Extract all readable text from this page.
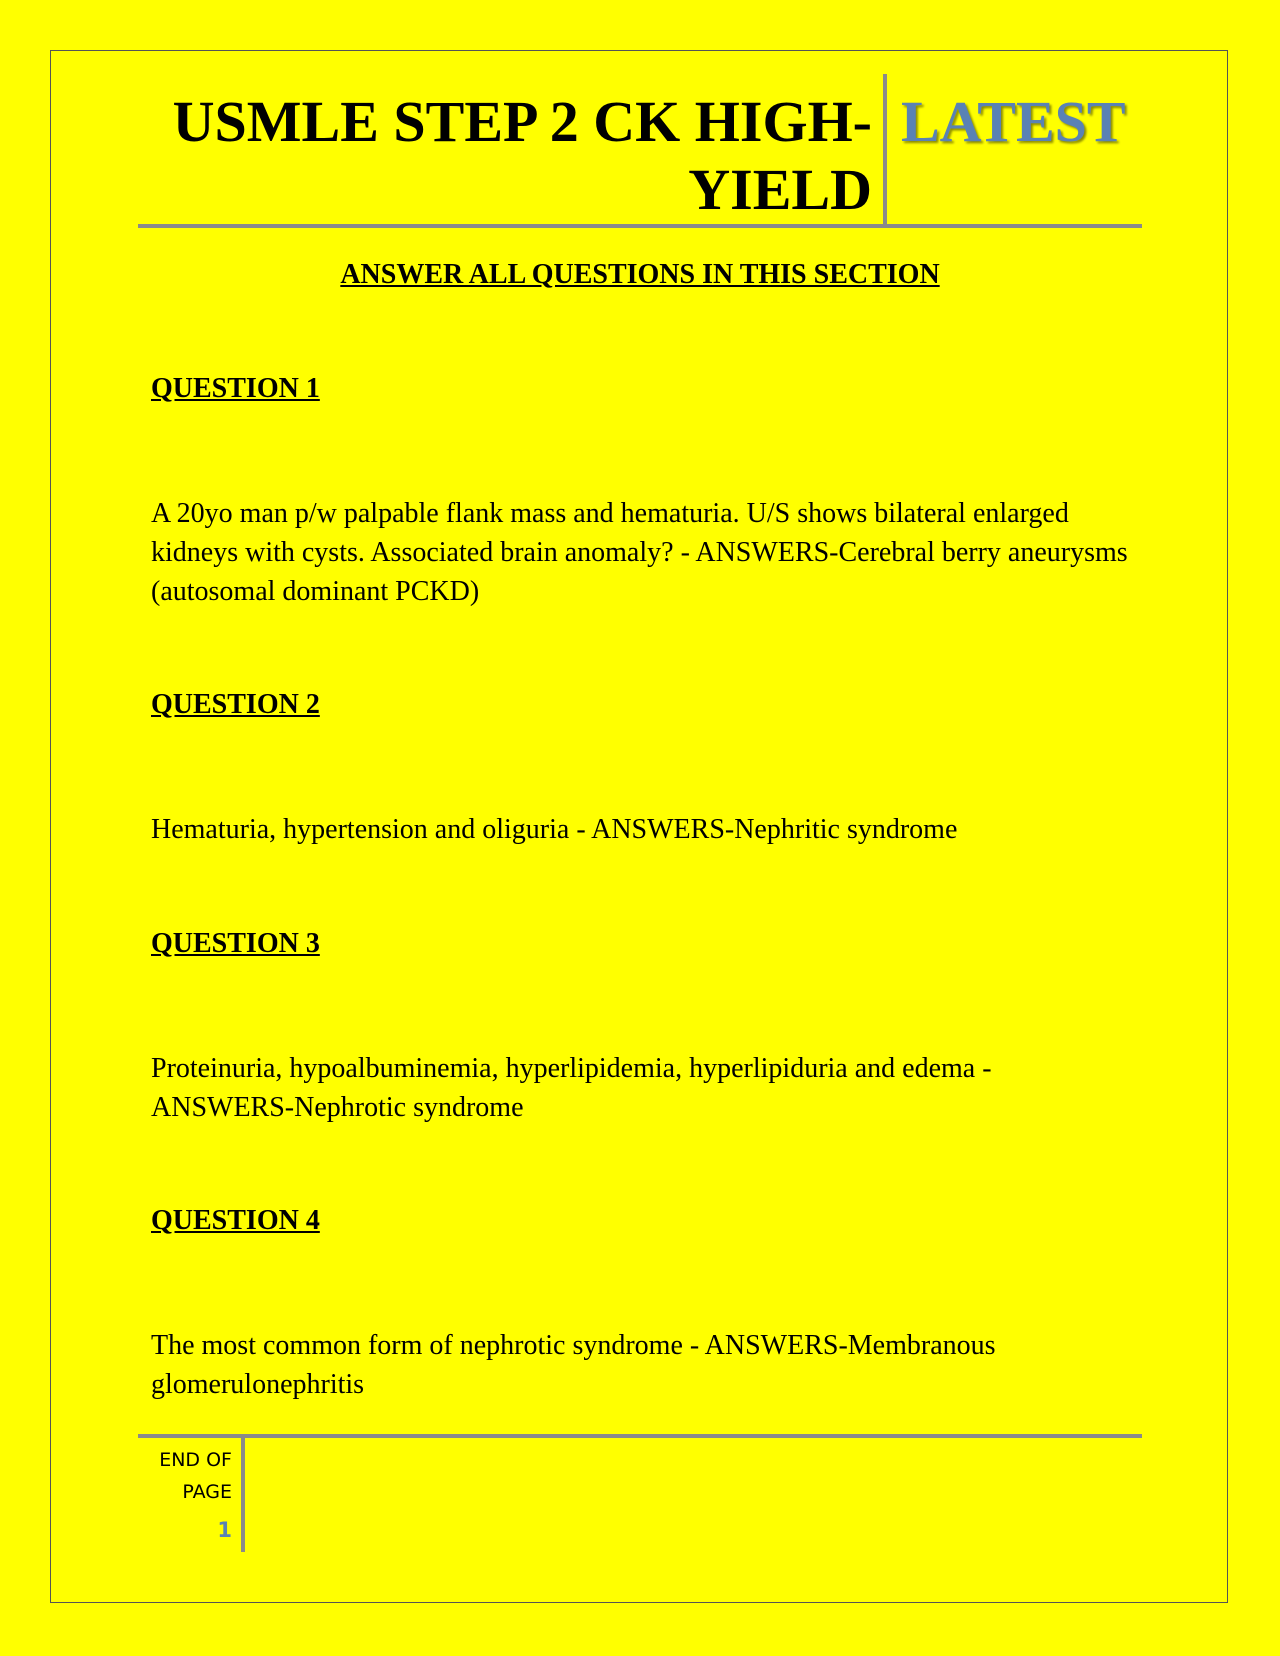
USMLE STEP 2 CK HIGH-
YIELD
LATEST

ANSWER ALL QUESTIONS IN THIS SECTION

QUESTION 1

A 20yo man p/w palpable flank mass and hematuria. U/S shows bilateral enlarged kidneys with cysts. Associated brain anomaly? - ANSWERS-Cerebral berry aneurysms (autosomal dominant PCKD)

QUESTION 2

Hematuria, hypertension and oliguria - ANSWERS-Nephritic syndrome

QUESTION 3

Proteinuria, hypoalbuminemia, hyperlipidemia, hyperlipiduria and edema - ANSWERS-Nephrotic syndrome

QUESTION 4

The most common form of nephrotic syndrome - ANSWERS-Membranous glomerulonephritis

END OF
PAGE
1
